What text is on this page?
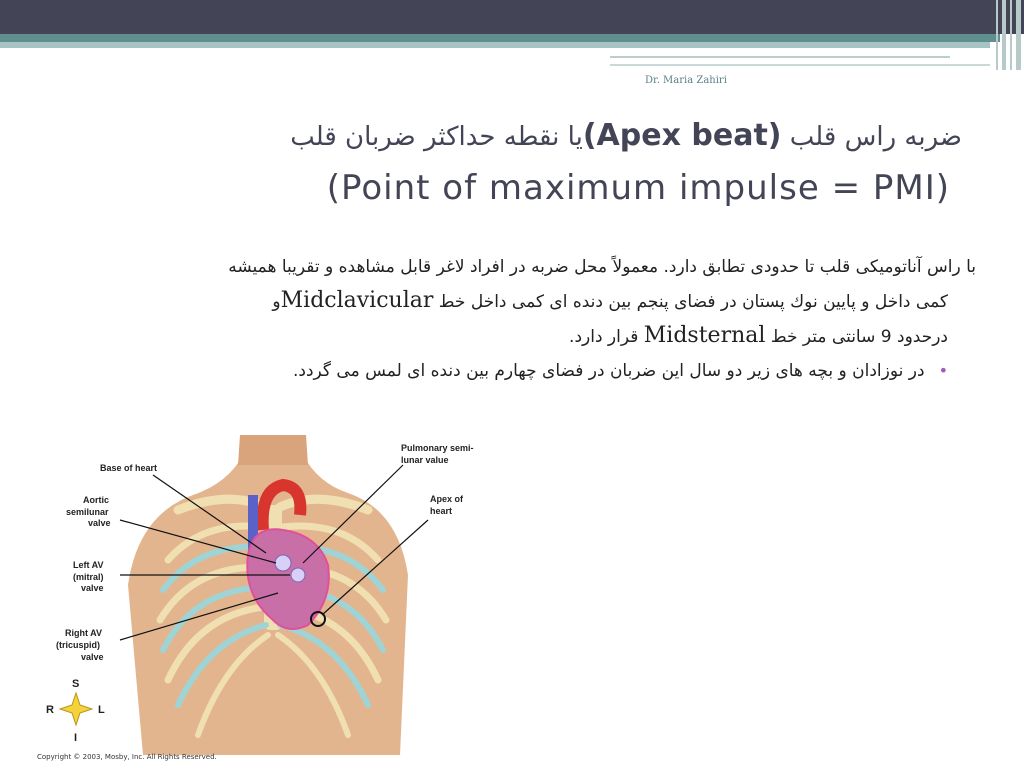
Dr. Maria Zahiri
ضربه راس قلب (Apex beat)یا نقطه حداکثر ضربان قلب
(Point of maximum impulse = PMI)
با راس آناتومیکی قلب تا حدودی تطابق دارد. معمولاً محل ضربه در افراد لاغر قابل مشاهده و تقریبا همیشه
کمی داخل و پایین نوك پستان در فضای پنجم بین دنده ای کمی داخل خط Midclavicularو
درحدود 9 سانتی متر خط Midsternal قرار دارد.
•در نوزادان و بچه های زیر دو سال این ضربان در فضای چهارم بین دنده ای لمس می گردد.
Base of heart
Aortic
semilunar
valve
Left AV
(mitral)
valve
Right AV
(tricuspid)
valve
Pulmonary semi-
lunar value
Apex of
heart
S
R	L
I
Copyright © 2003, Mosby, Inc. All Rights Reserved.
